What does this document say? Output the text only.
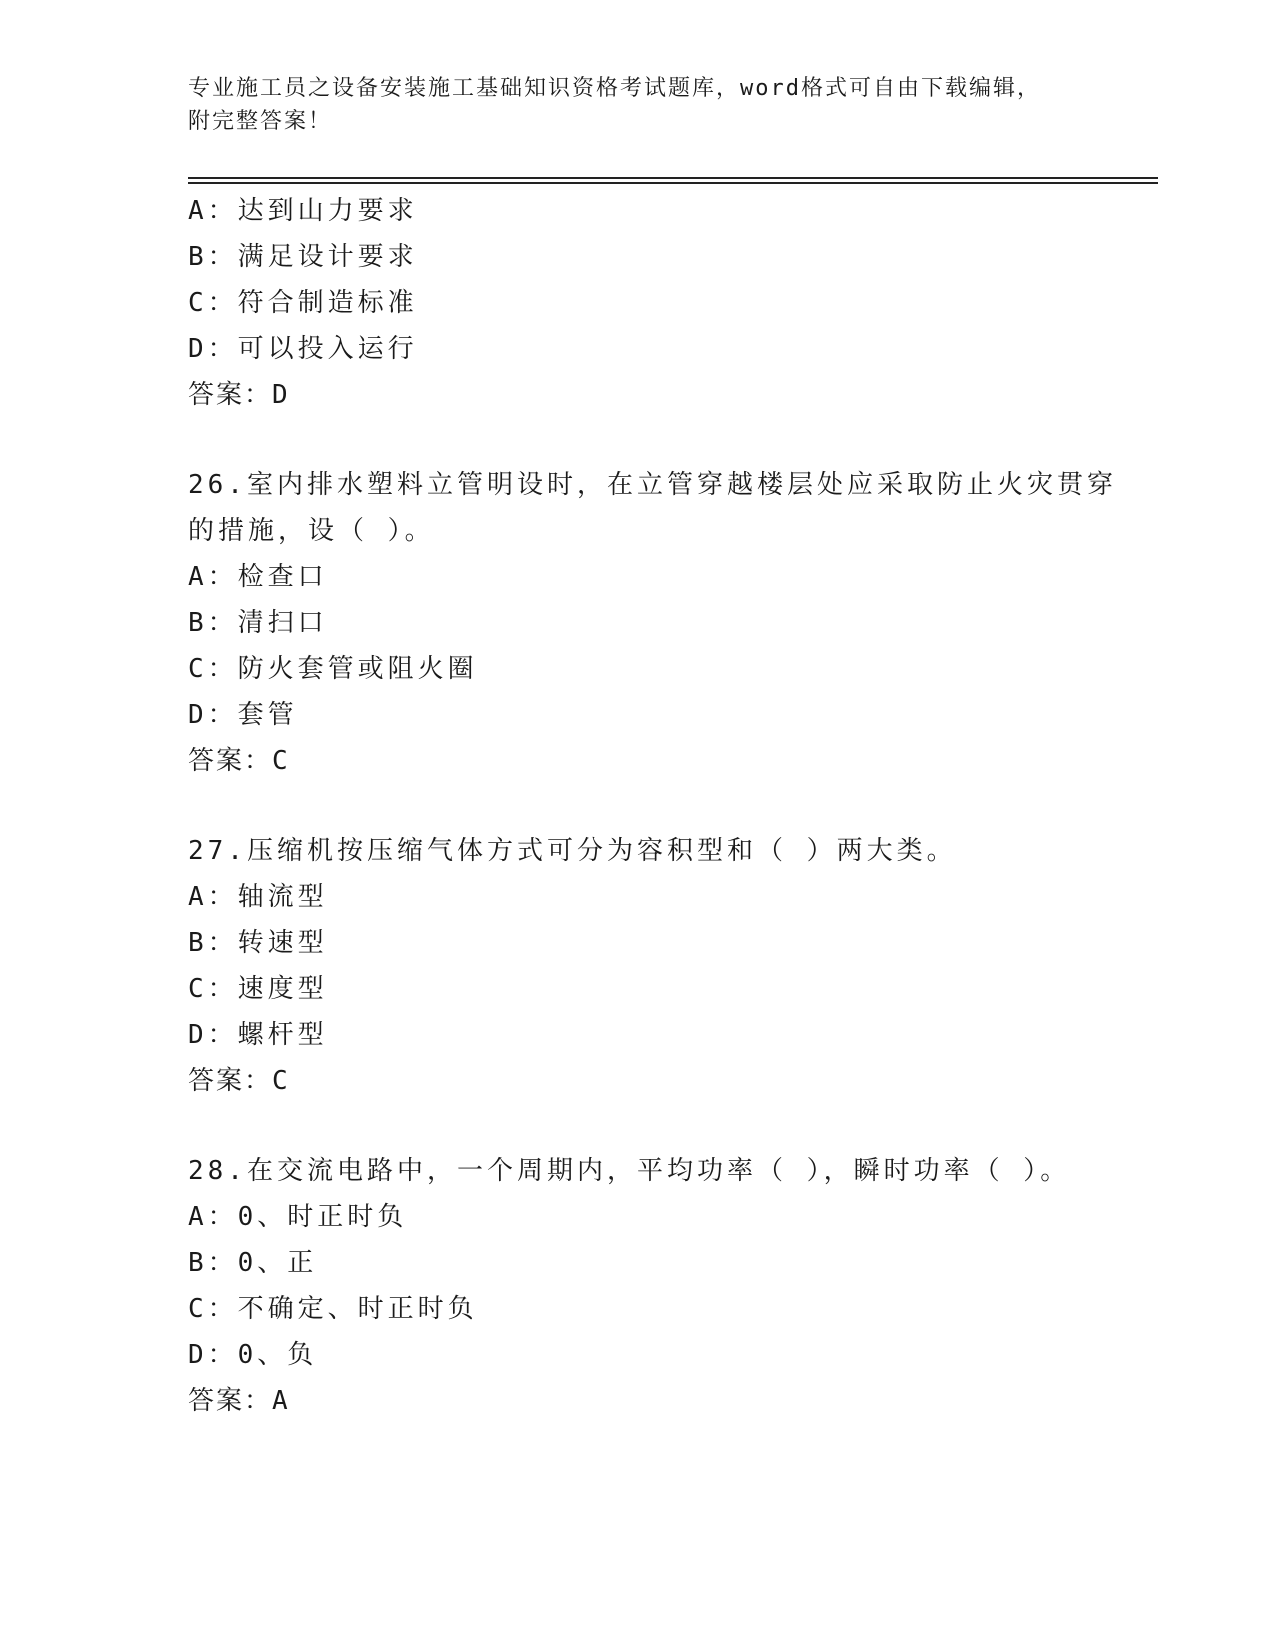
专业施工员之设备安装施工基础知识资格考试题库，word格式可自由下载编辑，
附完整答案！
A：达到山力要求
B：满足设计要求
C：符合制造标准
D：可以投入运行
答案：D
26.室内排水塑料立管明设时，在立管穿越楼层处应采取防止火灾贯穿
的措施，设（ ）。
A：检查口
B：清扫口
C：防火套管或阻火圈
D：套管
答案：C
27.压缩机按压缩气体方式可分为容积型和（ ）两大类。
A：轴流型
B：转速型
C：速度型
D：螺杆型
答案：C
28.在交流电路中，一个周期内，平均功率（ ），瞬时功率（ ）。
A：0、时正时负
B：0、正
C：不确定、时正时负
D：0、负
答案：A
